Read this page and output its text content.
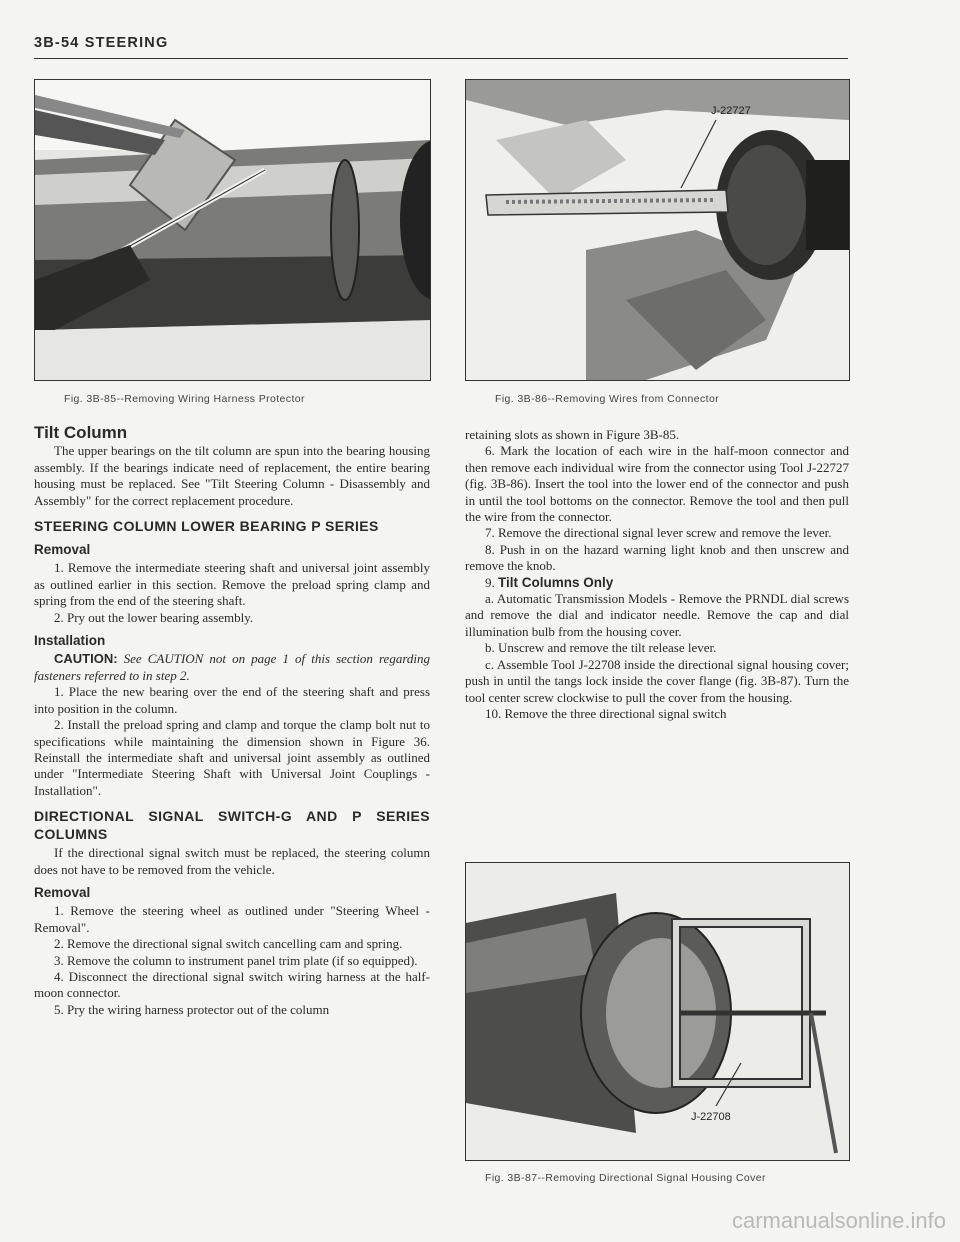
3B-54 STEERING
Fig. 3B-85--Removing Wiring Harness Protector
J-22727
Fig. 3B-86--Removing Wires from Connector
Tilt Column

The upper bearings on the tilt column are spun into the bearing housing assembly. If the bearings indicate need of replacement, the entire bearing housing must be replaced. See "Tilt Steering Column - Disassembly and Assembly" for the correct replacement procedure.

STEERING COLUMN LOWER BEARING P SERIES
Removal

1. Remove the intermediate steering shaft and universal joint assembly as outlined earlier in this section. Remove the preload spring clamp and spring from the end of the steering shaft.

2. Pry out the lower bearing assembly.

Installation

CAUTION: See CAUTION not on page 1 of this section regarding fasteners referred to in step 2.

1. Place the new bearing over the end of the steering shaft and press into position in the column.

2. Install the preload spring and clamp and torque the clamp bolt nut to specifications while maintaining the dimension shown in Figure 36. Reinstall the intermediate shaft and universal joint assembly as outlined under "Intermediate Steering Shaft with Universal Joint Couplings - Installation".

DIRECTIONAL SIGNAL SWITCH-G AND P SERIES COLUMNS

If the directional signal switch must be replaced, the steering column does not have to be removed from the vehicle.

Removal

1. Remove the steering wheel as outlined under "Steering Wheel - Removal".

2. Remove the directional signal switch cancelling cam and spring.

3. Remove the column to instrument panel trim plate (if so equipped).

4. Disconnect the directional signal switch wiring harness at the half-moon connector.

5. Pry the wiring harness protector out of the column

retaining slots as shown in Figure 3B-85.

6. Mark the location of each wire in the half-moon connector and then remove each individual wire from the connector using Tool J-22727 (fig. 3B-86). Insert the tool into the lower end of the connector and push in until the tool bottoms on the connector. Remove the tool and then pull the wire from the connector.

7. Remove the directional signal lever screw and remove the lever.

8. Push in on the hazard warning light knob and then unscrew and remove the knob.

9. Tilt Columns Only

a. Automatic Transmission Models - Remove the PRNDL dial screws and remove the dial and indicator needle. Remove the cap and dial illumination bulb from the housing cover.

b. Unscrew and remove the tilt release lever.

c. Assemble Tool J-22708 inside the directional signal housing cover; push in until the tangs lock inside the cover flange (fig. 3B-87). Turn the tool center screw clockwise to pull the cover from the housing.

10. Remove the three directional signal switch

J-22708
Fig. 3B-87--Removing Directional Signal Housing Cover
carmanualsonline.info
